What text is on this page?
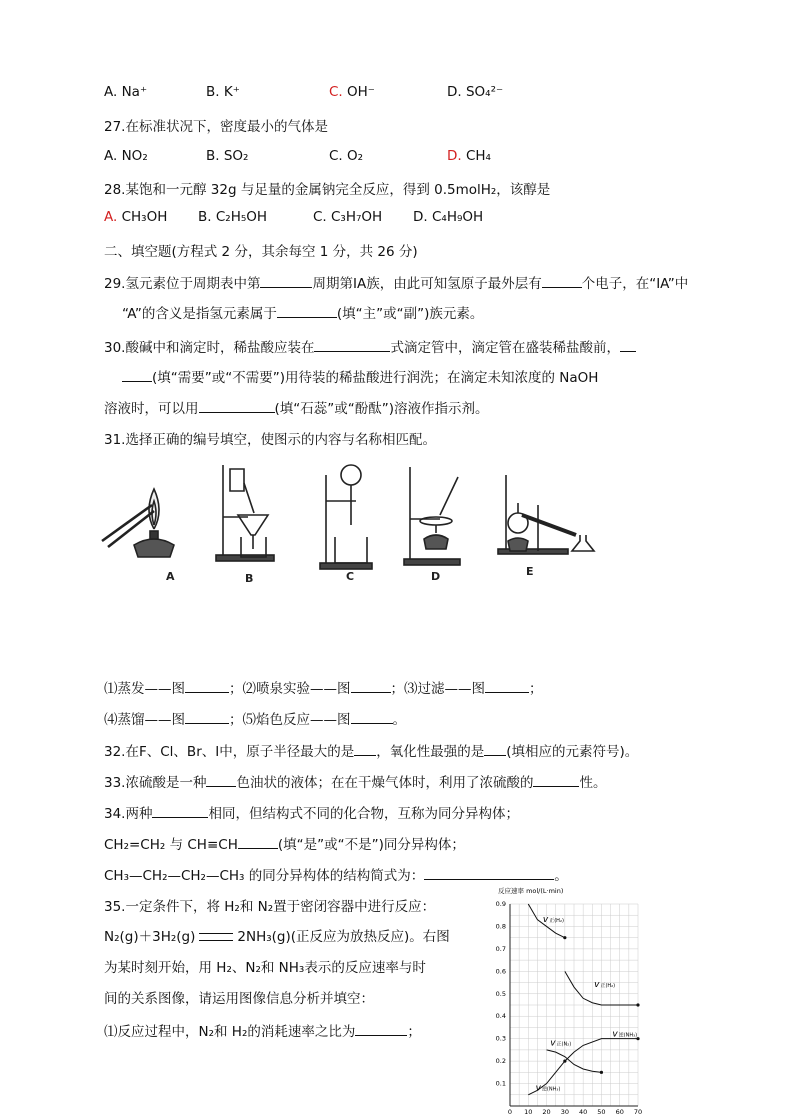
A. Na⁺	B. K⁺	C. OH⁻	D. SO₄²⁻
27.在标准状况下，密度最小的气体是
A. NO₂	B. SO₂	C. O₂	D. CH₄
28.某饱和一元醇 32g 与足量的金属钠完全反应，得到 0.5molH₂，该醇是
A. CH₃OH B. C₂H₅OH	C. C₃H₇OH D. C₄H₉OH
二、填空题(方程式 2 分，其余每空 1 分，共 26 分)
29.氢元素位于周期表中第	周期第ⅠA族，由此可知氢原子最外层有	个电子，在“IA”中
“A”的含义是指氢元素属于	(填“主”或“副”)族元素。
30.酸碱中和滴定时，稀盐酸应装在	式滴定管中，滴定管在盛装稀盐酸前，
(填“需要”或“不需要”)用待装的稀盐酸进行润洗；在滴定未知浓度的 NaOH
溶液时，可以用	(填“石蕊”或“酚酞”)溶液作指示剂。
31.选择正确的编号填空，使图示的内容与名称相匹配。
A	B	C	D	E
⑴蒸发——图	；⑵喷泉实验——图	；⑶过滤——图	；
⑷蒸馏——图	；⑸焰色反应——图	。
32.在F、Cl、Br、I中，原子半径最大的是 ，氧化性最强的是 (填相应的元素符号)。
33.浓硫酸是一种 色油状的液体；在在干燥气体时，利用了浓硫酸的	性。
34.两种	相同，但结构式不同的化合物，互称为同分异构体；
CH₂=CH₂ 与 CH≡CH	(填“是”或“不是”)同分异构体；
CH₃—CH₂—CH₂—CH₃ 的同分异构体的结构简式为：	。
35.一定条件下，将 H₂和 N₂置于密闭容器中进行反应：
N₂(g)＋3H₂(g)	2NH₃(g)(正反应为放热反应)。右图
为某时刻开始，用 H₂、N₂和 NH₃表示的反应速率与时
间的关系图像，请运用图像信息分析并填空：
⑴反应过程中，N₂和 H₂的消耗速率之比为	；
反应速率 mol/(L·min)
0 10 20 30 40 50 60 70
0.1
0.2
0.3
0.4
0.5
0.6
0.7
0.8
0.9
v正(H₂)
v正(H₂)
v正(N₂)
v逆(NH₃)
v逆(NH₃)
